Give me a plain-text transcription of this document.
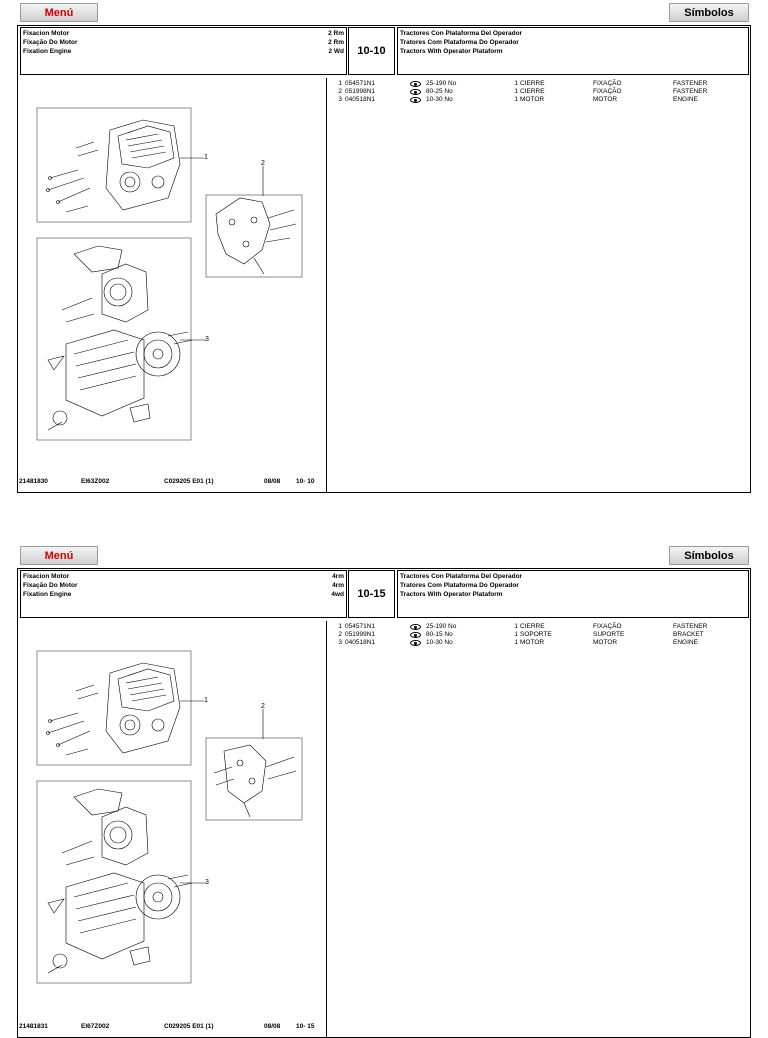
Menú	Símbolos
Fixacion Motor
Fixação Do Motor
Fixation Engine
2 Rm
2 Rm
2 Wd	10-10
Tractores Con Plataforma Del Operador
Tratores Com Plataforma Do Operador
Tractors With Operator Plataform
1
2
3
1 054571N1	25-190 No	1 CIERRE	FIXAÇÃO	FASTENER
2 051998N1	80-25 No	1 CIERRE	FIXAÇÃO	FASTENER
3 040518N1	10-30 No	1 MOTOR	MOTOR	ENGINE
21481830	EI63Z002	C029205 E01 (1)	08/08 10- 10
Menú	Símbolos
Fixacion Motor
Fixação Do Motor
Fixation Engine
4rm
4rm
4wd	10-15
Tractores Con Plataforma Del Operador
Tratores Com Plataforma Do Operador
Tractors With Operator Plataform
1
2
3
1 054571N1	25-190 No	1 CIERRE	FIXAÇÃO	FASTENER
2 051999N1	80-15 No	1 SOPORTE	SUPORTE	BRACKET
3 040518N1	10-30 No	1 MOTOR	MOTOR	ENGINE
21481831	EI67Z002	C029205 E01 (1)	08/08 10- 15
